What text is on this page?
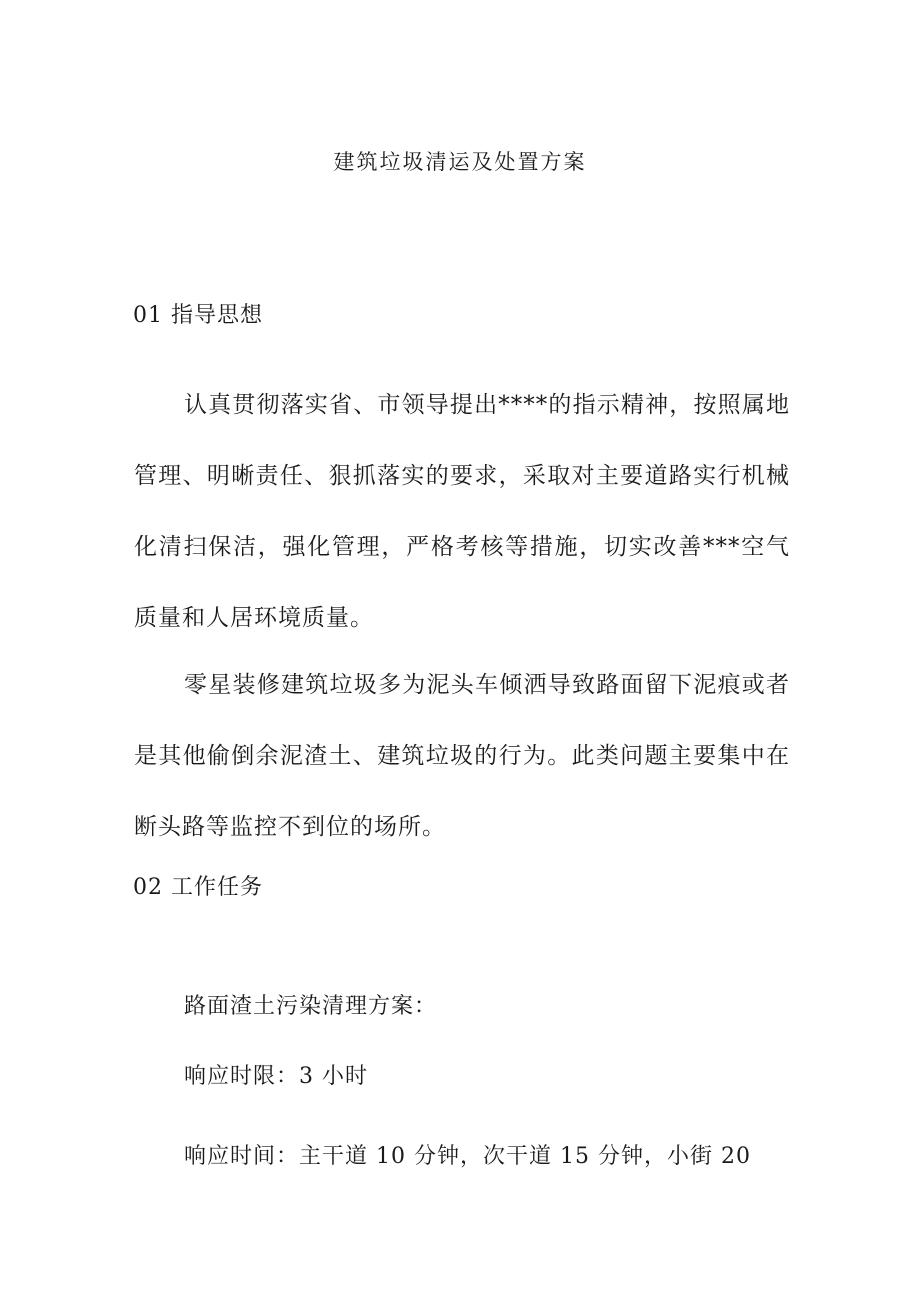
建筑垃圾清运及处置方案
01 指导思想
认真贯彻落实省、市领导提出****的指示精神，按照属地管理、明晰责任、狠抓落实的要求，采取对主要道路实行机械化清扫保洁，强化管理，严格考核等措施，切实改善***空气质量和人居环境质量。
零星装修建筑垃圾多为泥头车倾洒导致路面留下泥痕或者是其他偷倒余泥渣土、建筑垃圾的行为。此类问题主要集中在断头路等监控不到位的场所。
02 工作任务
路面渣土污染清理方案：
响应时限：3 小时
响应时间：主干道 10 分钟，次干道 15 分钟，小街 20
